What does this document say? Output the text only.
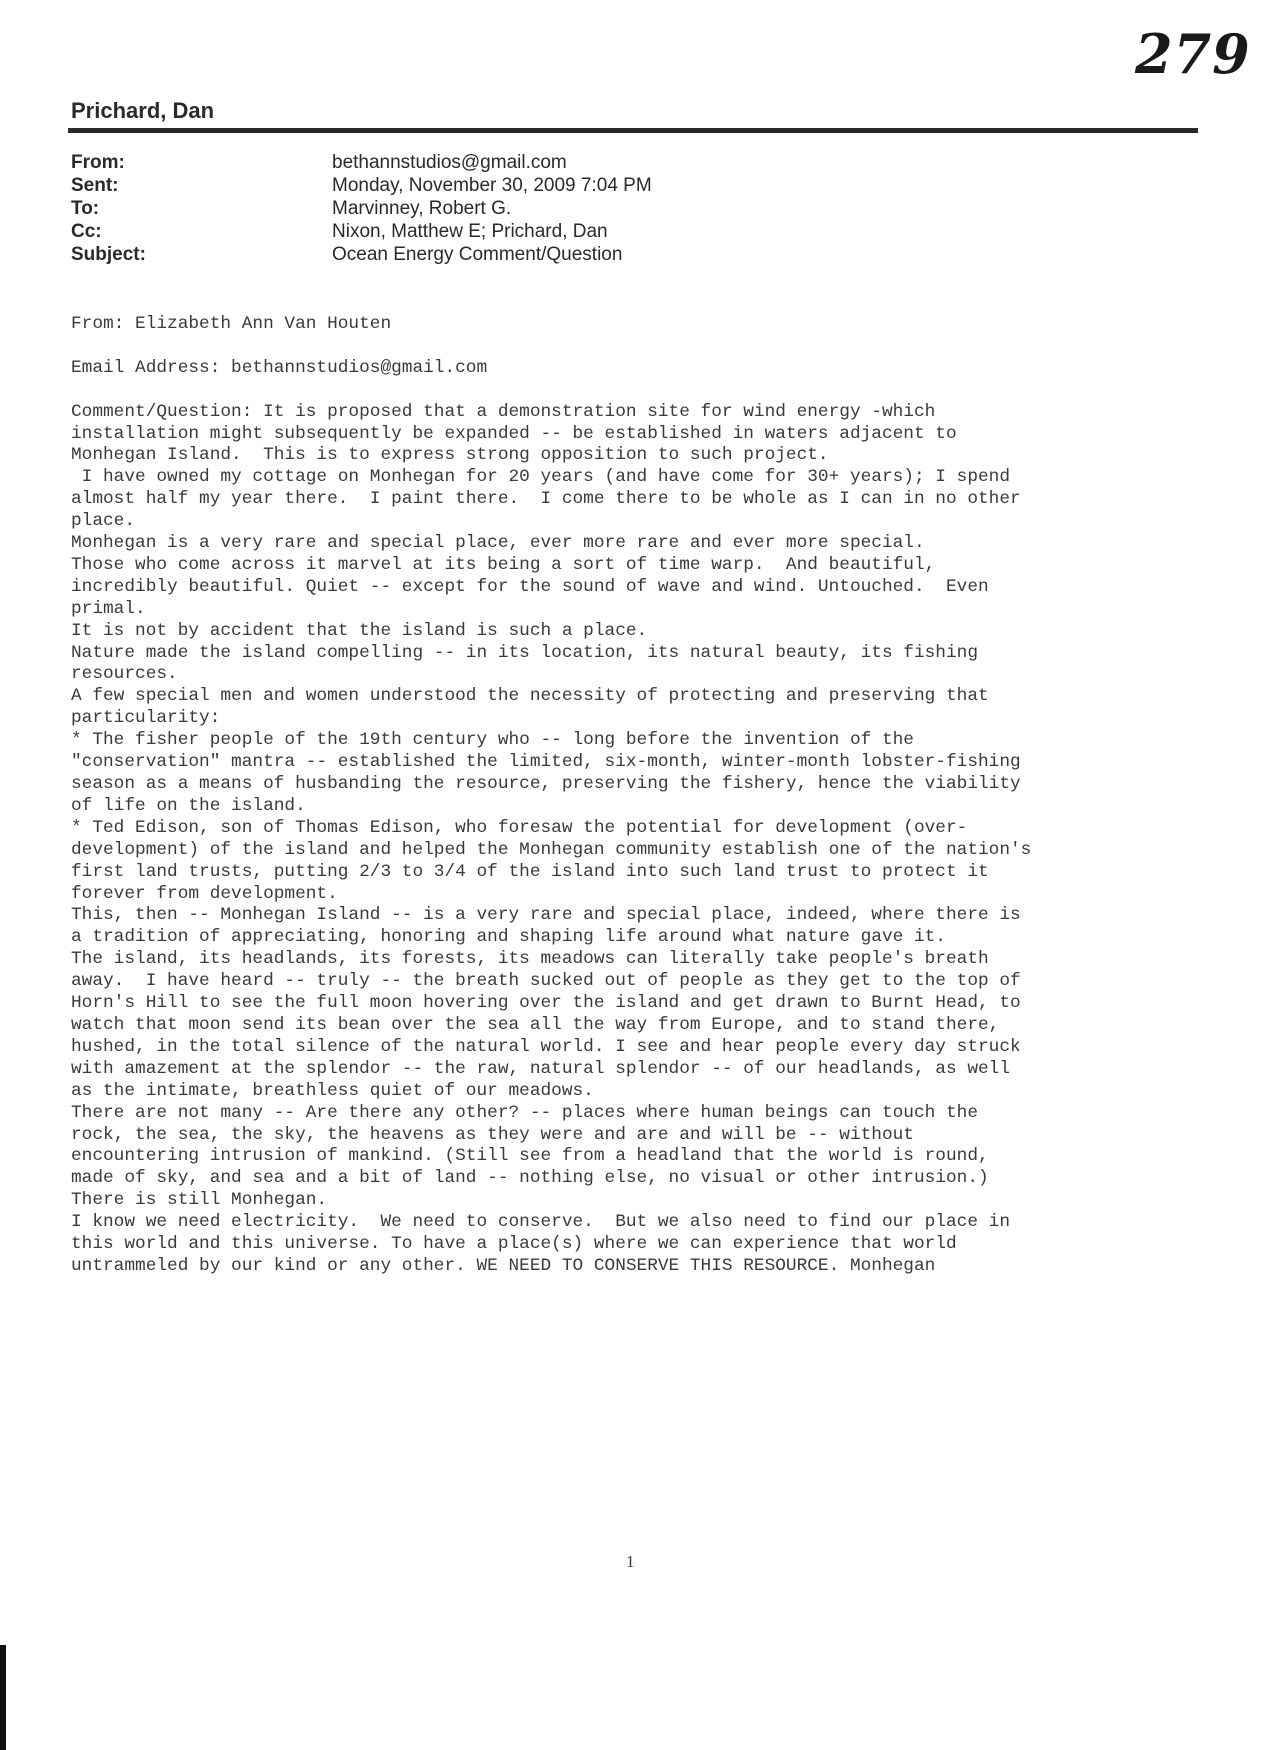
279
Prichard, Dan
From:	bethannstudios@gmail.com
Sent:	Monday, November 30, 2009 7:04 PM
To:	Marvinney, Robert G.
Cc:	Nixon, Matthew E; Prichard, Dan
Subject:	Ocean Energy Comment/Question

From: Elizabeth Ann Van Houten

Email Address: bethannstudios@gmail.com

Comment/Question: It is proposed that a demonstration site for wind energy -which

installation might subsequently be expanded -- be established in waters adjacent to

Monhegan Island.  This is to express strong opposition to such project.

I have owned my cottage on Monhegan for 20 years (and have come for 30+ years); I spend

almost half my year there.  I paint there.  I come there to be whole as I can in no other

place.

Monhegan is a very rare and special place, ever more rare and ever more special.

Those who come across it marvel at its being a sort of time warp.  And beautiful,

incredibly beautiful. Quiet -- except for the sound of wave and wind. Untouched.  Even

primal.

It is not by accident that the island is such a place.

Nature made the island compelling -- in its location, its natural beauty, its fishing

resources.

A few special men and women understood the necessity of protecting and preserving that

particularity:

* The fisher people of the 19th century who -- long before the invention of the

"conservation" mantra -- established the limited, six-month, winter-month lobster-fishing

season as a means of husbanding the resource, preserving the fishery, hence the viability

of life on the island.

* Ted Edison, son of Thomas Edison, who foresaw the potential for development (over-

development) of the island and helped the Monhegan community establish one of the nation's

first land trusts, putting 2/3 to 3/4 of the island into such land trust to protect it

forever from development.

This, then -- Monhegan Island -- is a very rare and special place, indeed, where there is

a tradition of appreciating, honoring and shaping life around what nature gave it.

The island, its headlands, its forests, its meadows can literally take people's breath

away.  I have heard -- truly -- the breath sucked out of people as they get to the top of

Horn's Hill to see the full moon hovering over the island and get drawn to Burnt Head, to

watch that moon send its bean over the sea all the way from Europe, and to stand there,

hushed, in the total silence of the natural world. I see and hear people every day struck

with amazement at the splendor -- the raw, natural splendor -- of our headlands, as well

as the intimate, breathless quiet of our meadows.

There are not many -- Are there any other? -- places where human beings can touch the

rock, the sea, the sky, the heavens as they were and are and will be -- without

encountering intrusion of mankind. (Still see from a headland that the world is round,

made of sky, and sea and a bit of land -- nothing else, no visual or other intrusion.)

There is still Monhegan.

I know we need electricity.  We need to conserve.  But we also need to find our place in

this world and this universe. To have a place(s) where we can experience that world

untrammeled by our kind or any other. WE NEED TO CONSERVE THIS RESOURCE. Monhegan

1
